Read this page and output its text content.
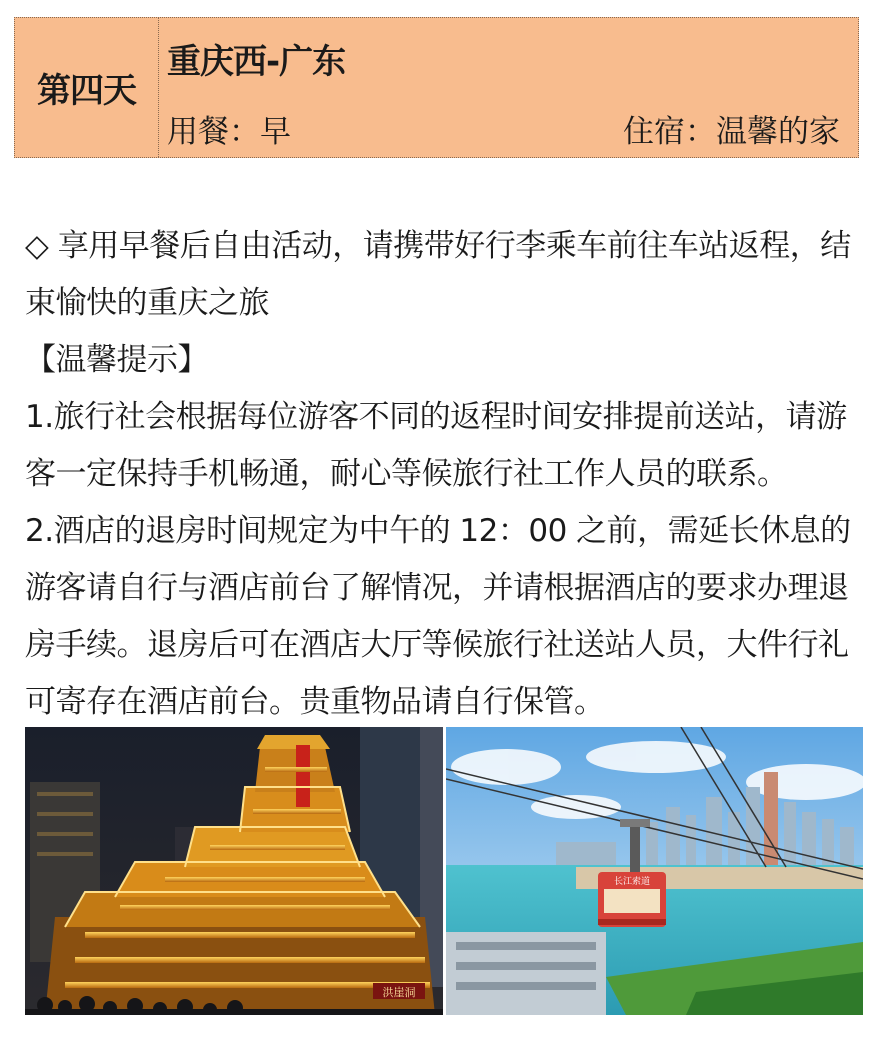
第四天
重庆西-广东
用餐：早	住宿：温馨的家

◇ 享用早餐后自由活动，请携带好行李乘车前往车站返程，结束愉快的重庆之旅

【温馨提示】

1.旅行社会根据每位游客不同的返程时间安排提前送站，请游客一定保持手机畅通，耐心等候旅行社工作人员的联系。

2.酒店的退房时间规定为中午的 12：00 之前，需延长休息的游客请自行与酒店前台了解情况，并请根据酒店的要求办理退房手续。退房后可在酒店大厅等候旅行社送站人员，大件行礼可寄存在酒店前台。贵重物品请自行保管。

洪崖洞
长江索道
